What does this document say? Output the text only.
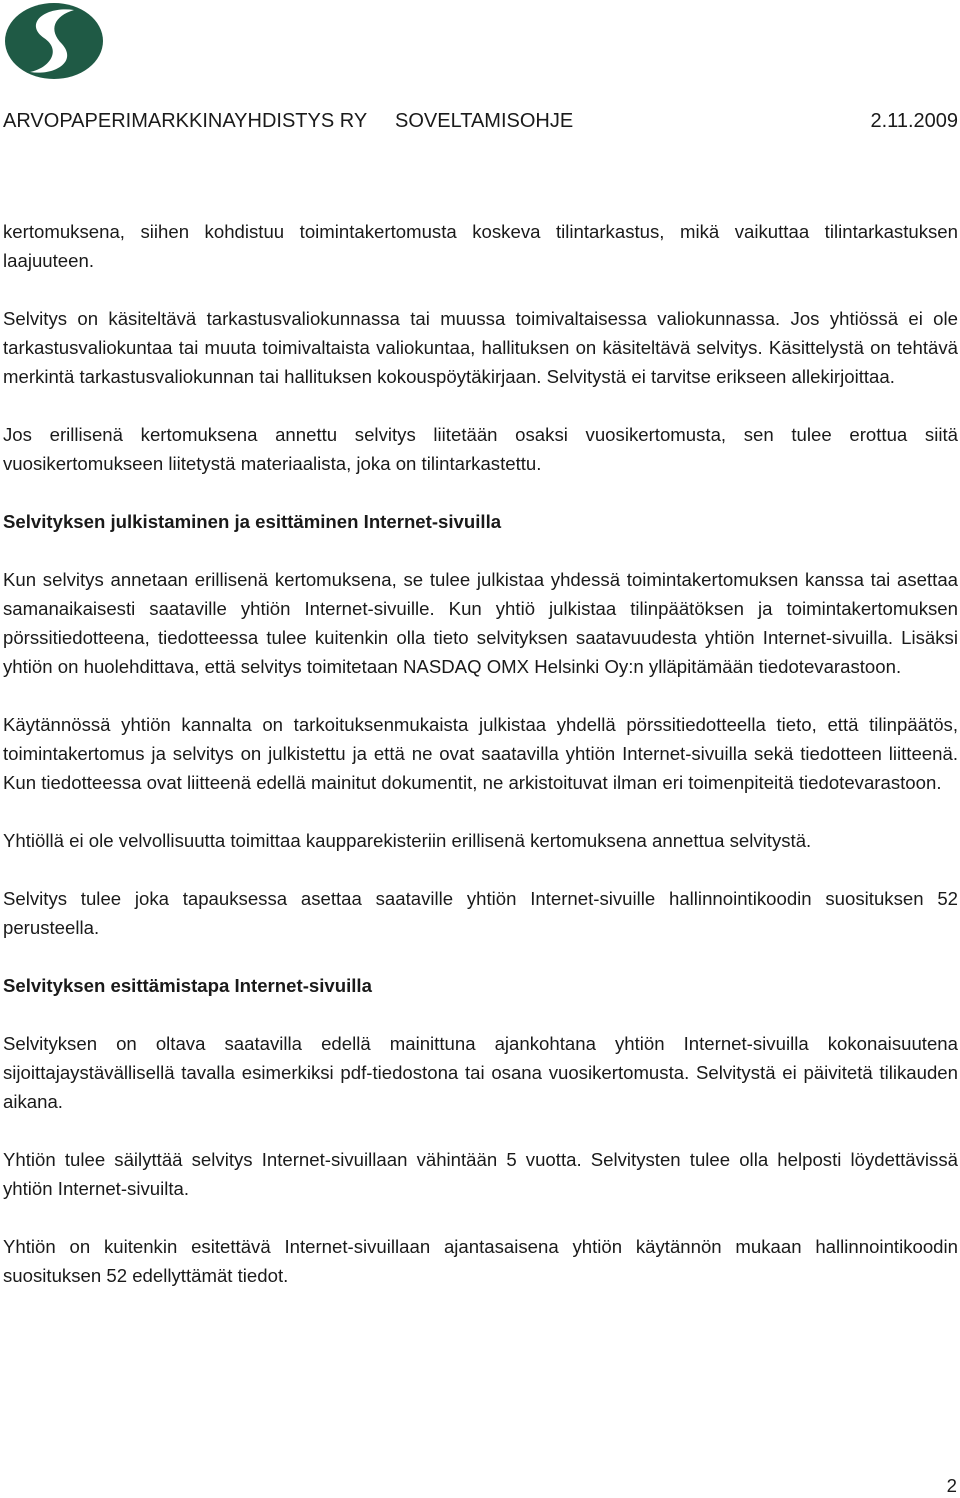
ARVOPAPERIMARKKINAYHDISTYS RY SOVELTAMISOHJE	2.11.2009

kertomuksena, siihen kohdistuu toimintakertomusta koskeva tilintarkastus, mikä vaikuttaa tilintarkastuksen laajuuteen.

Selvitys on käsiteltävä tarkastusvaliokunnassa tai muussa toimivaltaisessa valiokunnassa. Jos yhtiössä ei ole tarkastusvaliokuntaa tai muuta toimivaltaista valiokuntaa, hallituksen on käsiteltävä selvitys. Käsittelystä on tehtävä merkintä tarkastusvaliokunnan tai hallituksen kokouspöytäkirjaan. Selvitystä ei tarvitse erikseen allekirjoittaa.

Jos erillisenä kertomuksena annettu selvitys liitetään osaksi vuosikertomusta, sen tulee erottua siitä vuosikertomukseen liitetystä materiaalista, joka on tilintarkastettu.

Selvityksen julkistaminen ja esittäminen Internet-sivuilla

Kun selvitys annetaan erillisenä kertomuksena, se tulee julkistaa yhdessä toimintakertomuksen kanssa tai asettaa samanaikaisesti saataville yhtiön Internet-sivuille. Kun yhtiö julkistaa tilinpäätöksen ja toimintakertomuksen pörssitiedotteena, tiedotteessa tulee kuitenkin olla tieto selvityksen saatavuudesta yhtiön Internet-sivuilla. Lisäksi yhtiön on huolehdittava, että selvitys toimitetaan NASDAQ OMX Helsinki Oy:n ylläpitämään tiedotevarastoon.

Käytännössä yhtiön kannalta on tarkoituksenmukaista julkistaa yhdellä pörssitiedotteella tieto, että tilinpäätös, toimintakertomus ja selvitys on julkistettu ja että ne ovat saatavilla yhtiön Internet-sivuilla sekä tiedotteen liitteenä. Kun tiedotteessa ovat liitteenä edellä mainitut dokumentit, ne arkistoituvat ilman eri toimenpiteitä tiedotevarastoon.

Yhtiöllä ei ole velvollisuutta toimittaa kaupparekisteriin erillisenä kertomuksena annettua selvitystä.

Selvitys tulee joka tapauksessa asettaa saataville yhtiön Internet-sivuille hallinnointikoodin suosituksen 52 perusteella.

Selvityksen esittämistapa Internet-sivuilla

Selvityksen on oltava saatavilla edellä mainittuna ajankohtana yhtiön Internet-sivuilla kokonaisuutena sijoittajaystävällisellä tavalla esimerkiksi pdf-tiedostona tai osana vuosikertomusta. Selvitystä ei päivitetä tilikauden aikana.

Yhtiön tulee säilyttää selvitys Internet-sivuillaan vähintään 5 vuotta. Selvitysten tulee olla helposti löydettävissä yhtiön Internet-sivuilta.

Yhtiön on kuitenkin esitettävä Internet-sivuillaan ajantasaisena yhtiön käytännön mukaan hallinnointikoodin suosituksen 52 edellyttämät tiedot.

2
